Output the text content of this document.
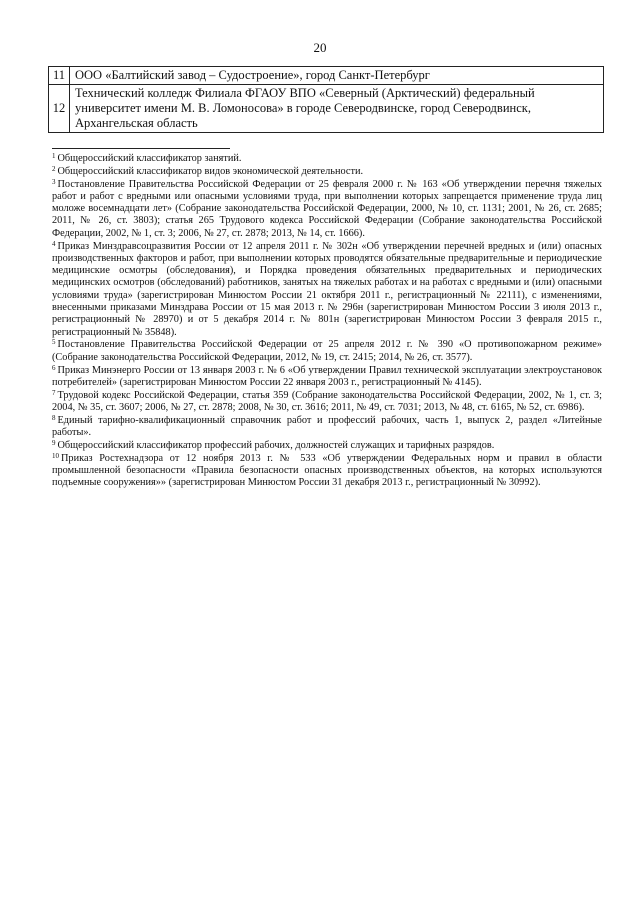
20
11	ООО «Балтийский завод – Судостроение», город Санкт-Петербург
12	Технический колледж Филиала ФГАОУ ВПО «Северный (Арктический) федеральный университет имени М. В. Ломоносова» в городе Северодвинске, город Северодвинск, Архангельская область
$^1$ Общероссийский классификатор занятий.
$^2$ Общероссийский классификатор видов экономической деятельности.
$^3$ Постановление Правительства Российской Федерации от 25 февраля 2000 г. № 163 «Об утверждении перечня тяжелых работ и работ с вредными или опасными условиями труда, при выполнении которых запрещается применение труда лиц моложе восемнадцати лет» (Собрание законодательства Российской Федерации, 2000, № 10, ст. 1131; 2001, № 26, ст. 2685; 2011, № 26, ст. 3803); статья 265 Трудового кодекса Российской Федерации (Собрание законодательства Российской Федерации, 2002, № 1, ст. 3; 2006, № 27, ст. 2878; 2013, № 14, ст. 1666).
$^4$ Приказ Минздравсоцразвития России от 12 апреля 2011 г. № 302н «Об утверждении перечней вредных и (или) опасных производственных факторов и работ, при выполнении которых проводятся обязательные предварительные и периодические медицинские осмотры (обследования), и Порядка проведения обязательных предварительных и периодических медицинских осмотров (обследований) работников, занятых на тяжелых работах и на работах с вредными и (или) опасными условиями труда» (зарегистрирован Минюстом России 21 октября 2011 г., регистрационный № 22111), с изменениями, внесенными приказами Минздрава России от 15 мая 2013 г. № 296н (зарегистрирован Минюстом России 3 июля 2013 г., регистрационный № 28970) и от 5 декабря 2014 г. № 801н (зарегистрирован Минюстом России 3 февраля 2015 г., регистрационный № 35848).
$^5$ Постановление Правительства Российской Федерации от 25 апреля 2012 г. № 390 «О противопожарном режиме» (Собрание законодательства Российской Федерации, 2012, № 19, ст. 2415; 2014, № 26, ст. 3577).
$^6$ Приказ Минэнерго России от 13 января 2003 г. № 6 «Об утверждении Правил технической эксплуатации электроустановок потребителей» (зарегистрирован Минюстом России 22 января 2003 г., регистрационный № 4145).
$^7$ Трудовой кодекс Российской Федерации, статья 359 (Собрание законодательства Российской Федерации, 2002, № 1, ст. 3; 2004, № 35, ст. 3607; 2006, № 27, ст. 2878; 2008, № 30, ст. 3616; 2011, № 49, ст. 7031; 2013, № 48, ст. 6165, № 52, ст. 6986).
$^8$ Единый тарифно-квалификационный справочник работ и профессий рабочих, часть 1, выпуск 2, раздел «Литейные работы».
$^9$ Общероссийский классификатор профессий рабочих, должностей служащих и тарифных разрядов.
$^{10}$ Приказ Ростехнадзора от 12 ноября 2013 г. № 533 «Об утверждении Федеральных норм и правил в области промышленной безопасности «Правила безопасности опасных производственных объектов, на которых используются подъемные сооружения»» (зарегистрирован Минюстом России 31 декабря 2013 г., регистрационный № 30992).
